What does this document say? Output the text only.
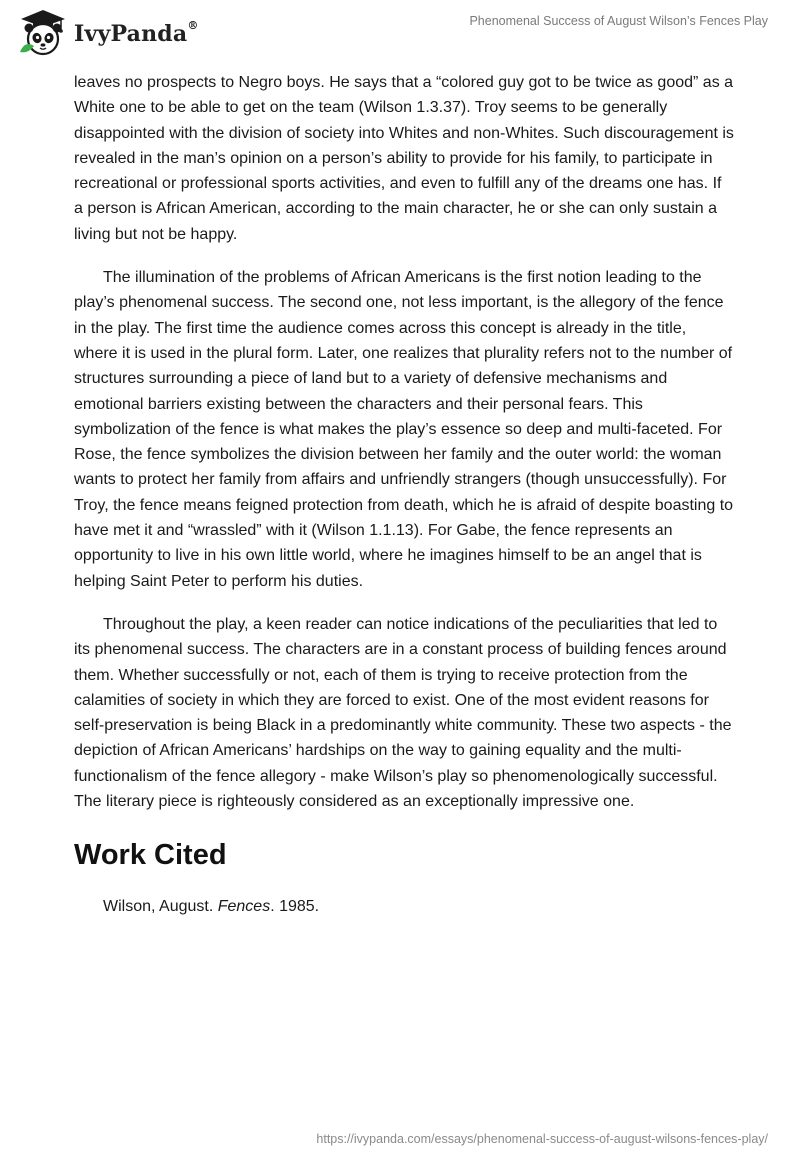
IvyPanda®	Phenomenal Success of August Wilson’s Fences Play

leaves no prospects to Negro boys. He says that a “colored guy got to be twice as good” as a White one to be able to get on the team (Wilson 1.3.37). Troy seems to be generally disappointed with the division of society into Whites and non-Whites. Such discouragement is revealed in the man’s opinion on a person’s ability to provide for his family, to participate in recreational or professional sports activities, and even to fulfill any of the dreams one has. If a person is African American, according to the main character, he or she can only sustain a living but not be happy.

The illumination of the problems of African Americans is the first notion leading to the play’s phenomenal success. The second one, not less important, is the allegory of the fence in the play. The first time the audience comes across this concept is already in the title, where it is used in the plural form. Later, one realizes that plurality refers not to the number of structures surrounding a piece of land but to a variety of defensive mechanisms and emotional barriers existing between the characters and their personal fears. This symbolization of the fence is what makes the play’s essence so deep and multi-faceted. For Rose, the fence symbolizes the division between her family and the outer world: the woman wants to protect her family from affairs and unfriendly strangers (though unsuccessfully). For Troy, the fence means feigned protection from death, which he is afraid of despite boasting to have met it and “wrassled” with it (Wilson 1.1.13). For Gabe, the fence represents an opportunity to live in his own little world, where he imagines himself to be an angel that is helping Saint Peter to perform his duties.

Throughout the play, a keen reader can notice indications of the peculiarities that led to its phenomenal success. The characters are in a constant process of building fences around them. Whether successfully or not, each of them is trying to receive protection from the calamities of society in which they are forced to exist. One of the most evident reasons for self-preservation is being Black in a predominantly white community. These two aspects - the depiction of African Americans’ hardships on the way to gaining equality and the multi-functionalism of the fence allegory - make Wilson’s play so phenomenologically successful. The literary piece is righteously considered as an exceptionally impressive one.

Work Cited

Wilson, August. Fences. 1985.

https://ivypanda.com/essays/phenomenal-success-of-august-wilsons-fences-play/
